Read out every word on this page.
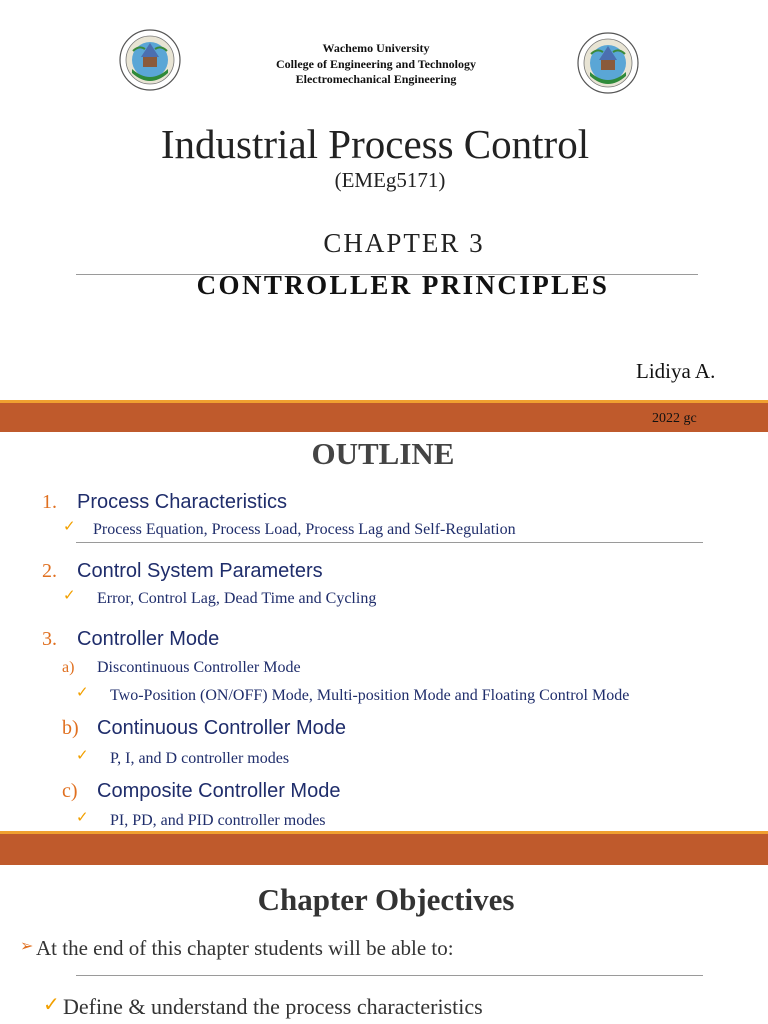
Wachemo University
College of Engineering and Technology
Electromechanical Engineering
Industrial Process Control
(EMEg5171)
CHAPTER 3
CONTROLLER PRINCIPLES
Lidiya A.
2022 gc
OUTLINE
1. Process Characteristics
✓ Process Equation, Process Load, Process Lag and Self-Regulation
2. Control System Parameters
✓ Error, Control Lag, Dead Time and Cycling
3. Controller Mode
a) Discontinuous Controller Mode
✓ Two-Position (ON/OFF) Mode, Multi-position Mode and Floating Control Mode
b) Continuous Controller Mode
✓ P, I, and D controller modes
c) Composite Controller Mode
✓ PI, PD, and PID controller modes
Chapter Objectives
➢ At the end of this chapter students will be able to:
✓ Define & understand the process characteristics
